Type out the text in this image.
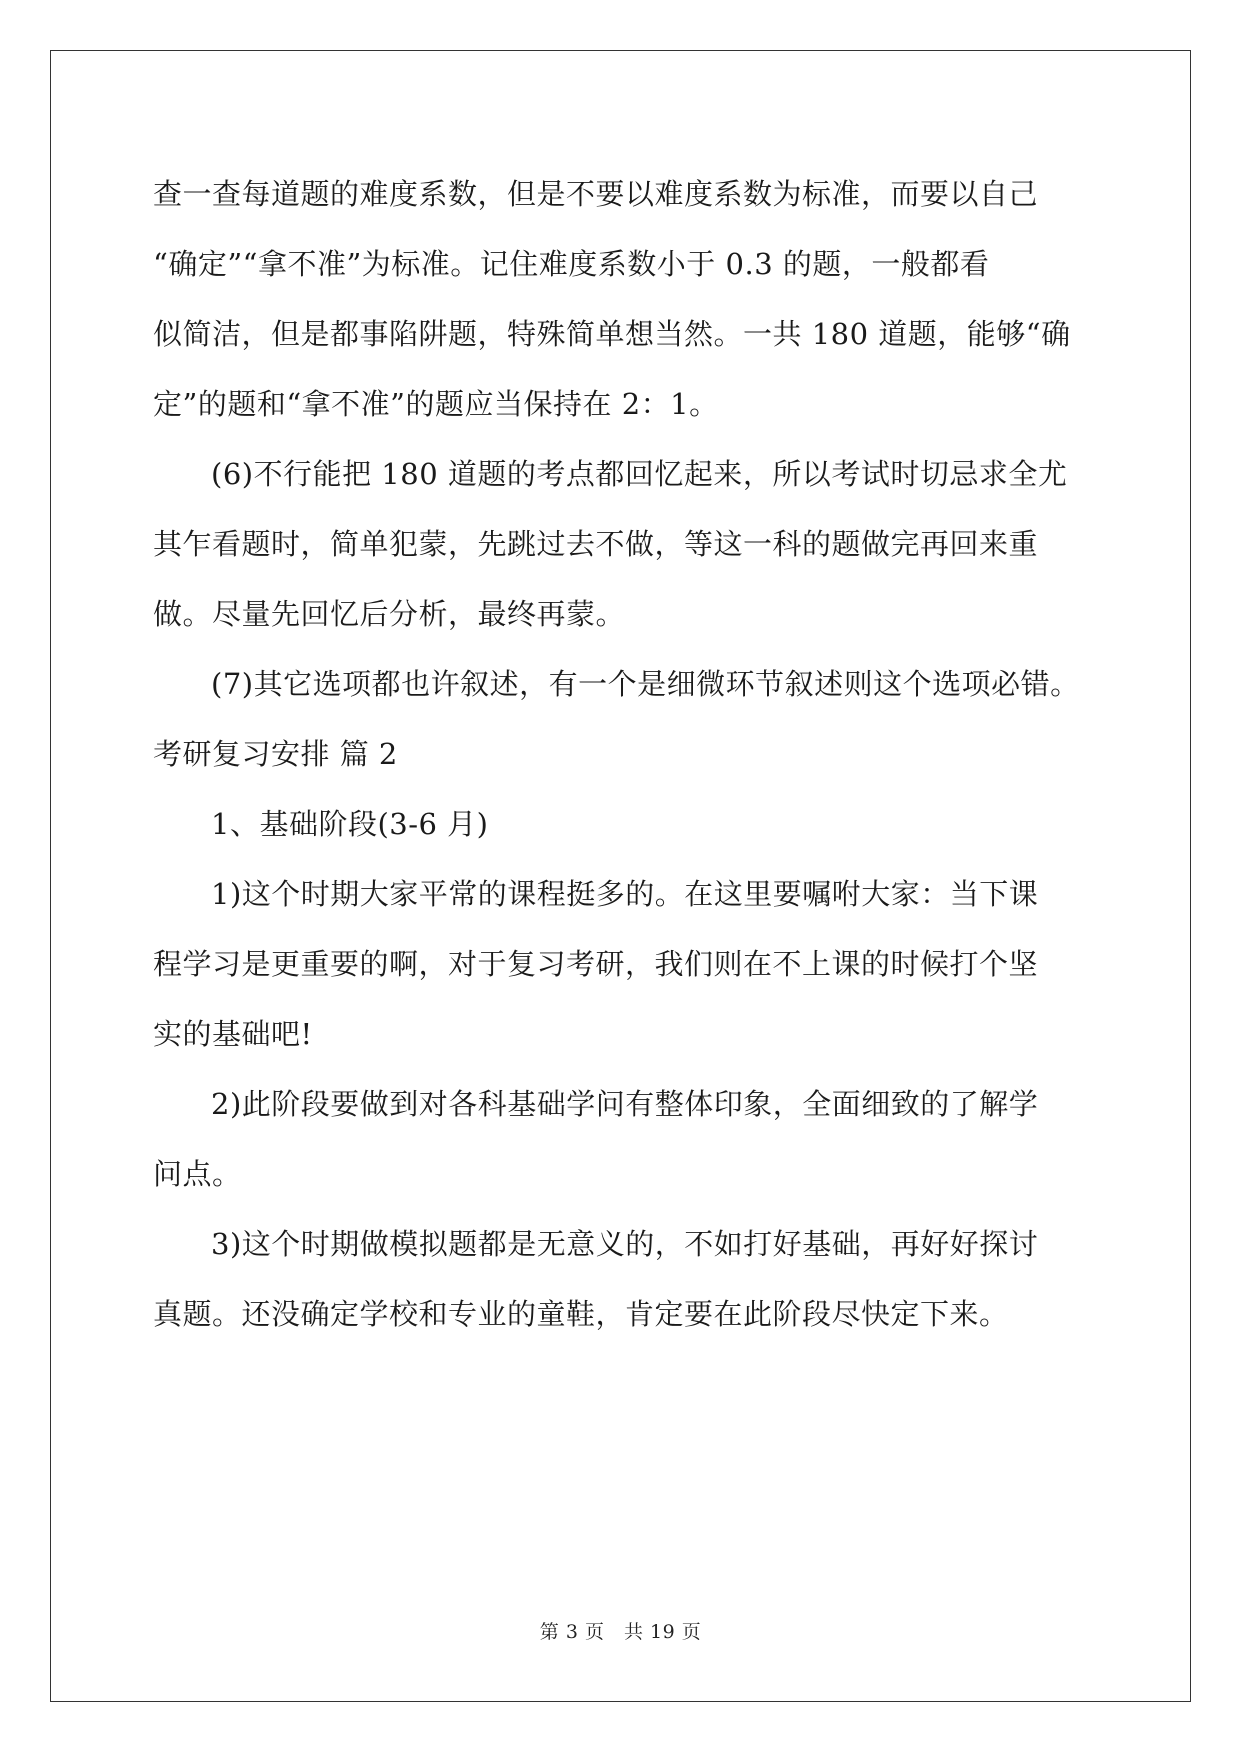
查一查每道题的难度系数，但是不要以难度系数为标准，而要以自己
“确定”“拿不准”为标准。记住难度系数小于 0.3 的题，一般都看
似简洁，但是都事陷阱题，特殊简单想当然。一共 180 道题，能够“确
定”的题和“拿不准”的题应当保持在 2：1。
(6)不行能把 180 道题的考点都回忆起来，所以考试时切忌求全尤
其乍看题时，简单犯蒙，先跳过去不做，等这一科的题做完再回来重
做。尽量先回忆后分析，最终再蒙。
(7)其它选项都也许叙述，有一个是细微环节叙述则这个选项必错。
考研复习安排 篇 2
1、基础阶段(3-6 月)
1)这个时期大家平常的课程挺多的。在这里要嘱咐大家：当下课
程学习是更重要的啊，对于复习考研，我们则在不上课的时候打个坚
实的基础吧!
2)此阶段要做到对各科基础学问有整体印象，全面细致的了解学
问点。
3)这个时期做模拟题都是无意义的，不如打好基础，再好好探讨
真题。还没确定学校和专业的童鞋，肯定要在此阶段尽快定下来。
第 3 页　共 19 页
